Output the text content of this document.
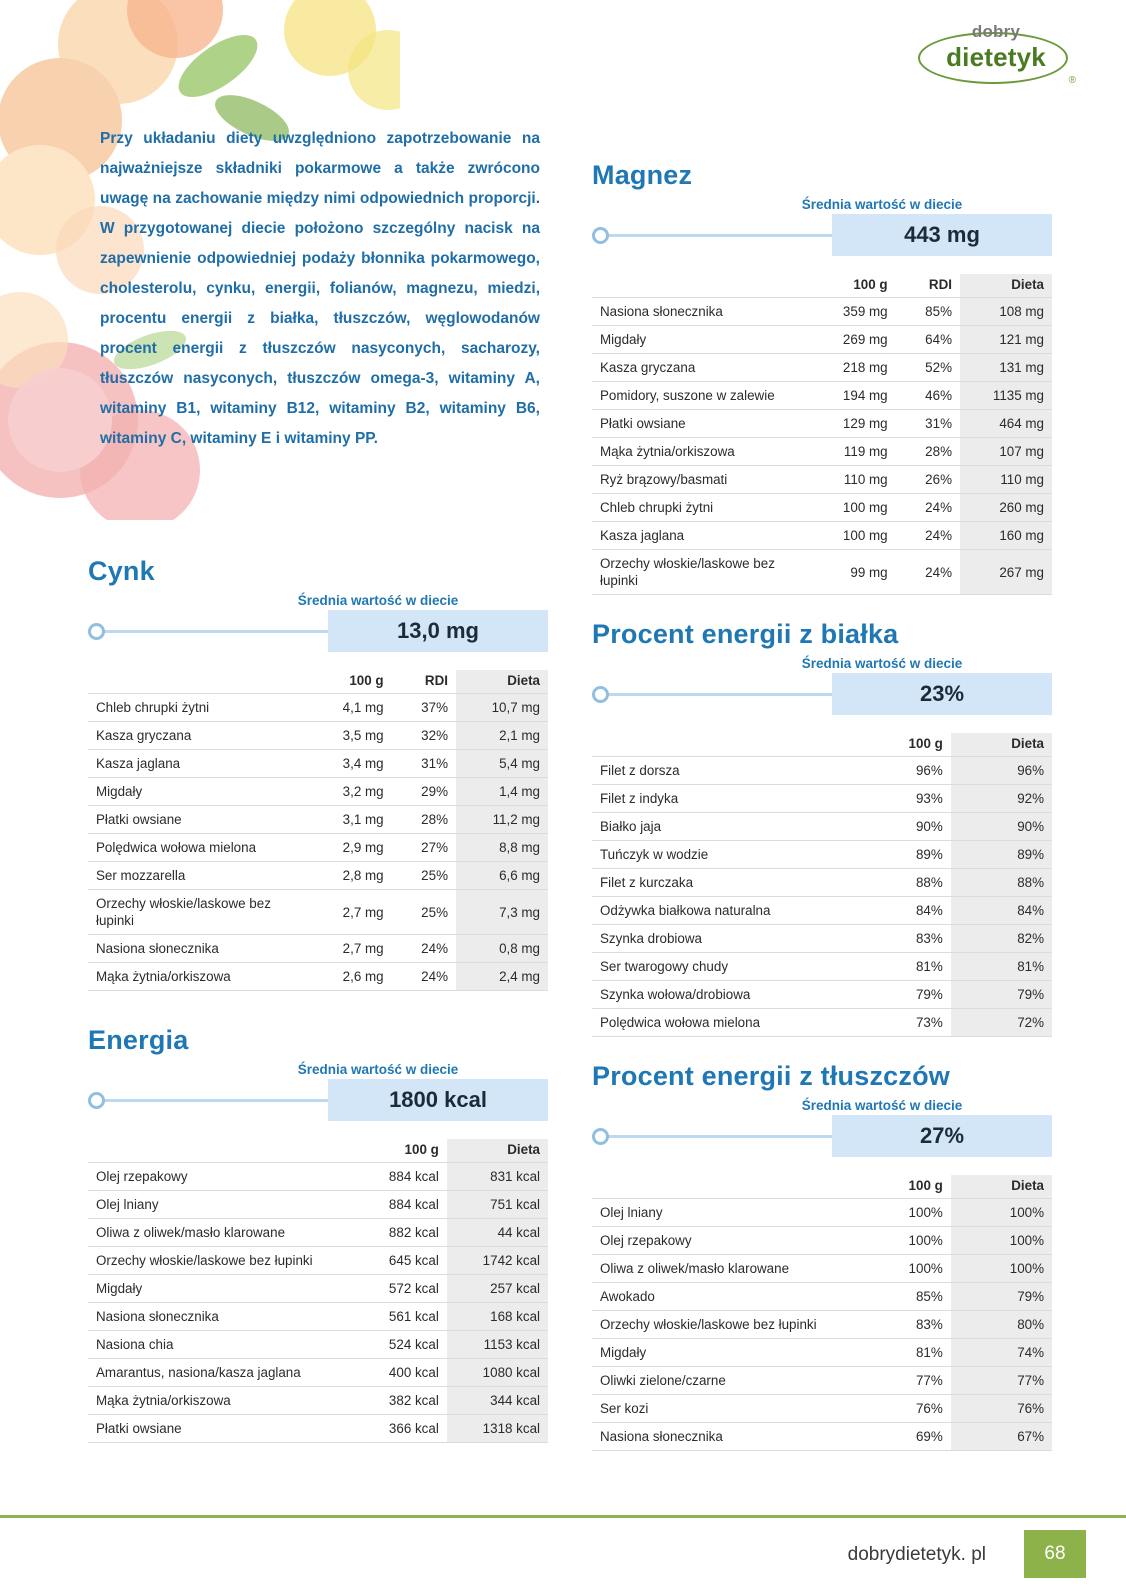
dobry
dietetyk
®

Przy układaniu diety uwzględniono zapotrzebowanie na najważniejsze składniki pokarmowe a także zwrócono uwagę na zachowanie między nimi odpowiednich proporcji. W przygotowanej diecie położono szczególny nacisk na zapewnienie odpowiedniej podaży błonnika pokarmowego, cholesterolu, cynku, energii, folianów, magnezu, miedzi, procentu energii z białka, tłuszczów, węglowodanów procent energii z tłuszczów nasyconych, sacharozy, tłuszczów nasyconych, tłuszczów omega-3, witaminy A, witaminy B1, witaminy B12, witaminy B2, witaminy B6, witaminy C, witaminy E i witaminy PP.

Cynk
Średnia wartość w diecie
13,0 mg
	100 g	RDI	Dieta
Chleb chrupki żytni	4,1 mg	37%	10,7 mg
Kasza gryczana	3,5 mg	32%	2,1 mg
Kasza jaglana	3,4 mg	31%	5,4 mg
Migdały	3,2 mg	29%	1,4 mg
Płatki owsiane	3,1 mg	28%	11,2 mg
Polędwica wołowa mielona	2,9 mg	27%	8,8 mg
Ser mozzarella	2,8 mg	25%	6,6 mg
Orzechy włoskie/laskowe bez łupinki	2,7 mg	25%	7,3 mg
Nasiona słonecznika	2,7 mg	24%	0,8 mg
Mąka żytnia/orkiszowa	2,6 mg	24%	2,4 mg
Energia
Średnia wartość w diecie
1800 kcal
	100 g	Dieta
Olej rzepakowy	884 kcal	831 kcal
Olej lniany	884 kcal	751 kcal
Oliwa z oliwek/masło klarowane	882 kcal	44 kcal
Orzechy włoskie/laskowe bez łupinki	645 kcal	1742 kcal
Migdały	572 kcal	257 kcal
Nasiona słonecznika	561 kcal	168 kcal
Nasiona chia	524 kcal	1153 kcal
Amarantus, nasiona/kasza jaglana	400 kcal	1080 kcal
Mąka żytnia/orkiszowa	382 kcal	344 kcal
Płatki owsiane	366 kcal	1318 kcal
Magnez
Średnia wartość w diecie
443 mg
	100 g	RDI	Dieta
Nasiona słonecznika	359 mg	85%	108 mg
Migdały	269 mg	64%	121 mg
Kasza gryczana	218 mg	52%	131 mg
Pomidory, suszone w zalewie	194 mg	46%	1135 mg
Płatki owsiane	129 mg	31%	464 mg
Mąka żytnia/orkiszowa	119 mg	28%	107 mg
Ryż brązowy/basmati	110 mg	26%	110 mg
Chleb chrupki żytni	100 mg	24%	260 mg
Kasza jaglana	100 mg	24%	160 mg
Orzechy włoskie/laskowe bez łupinki	99 mg	24%	267 mg
Procent energii z białka
Średnia wartość w diecie
23%
	100 g	Dieta
Filet z dorsza	96%	96%
Filet z indyka	93%	92%
Białko jaja	90%	90%
Tuńczyk w wodzie	89%	89%
Filet z kurczaka	88%	88%
Odżywka białkowa naturalna	84%	84%
Szynka drobiowa	83%	82%
Ser twarogowy chudy	81%	81%
Szynka wołowa/drobiowa	79%	79%
Polędwica wołowa mielona	73%	72%
Procent energii z tłuszczów
Średnia wartość w diecie
27%
	100 g	Dieta
Olej lniany	100%	100%
Olej rzepakowy	100%	100%
Oliwa z oliwek/masło klarowane	100%	100%
Awokado	85%	79%
Orzechy włoskie/laskowe bez łupinki	83%	80%
Migdały	81%	74%
Oliwki zielone/czarne	77%	77%
Ser kozi	76%	76%
Nasiona słonecznika	69%	67%
dobrydietetyk. pl	68
